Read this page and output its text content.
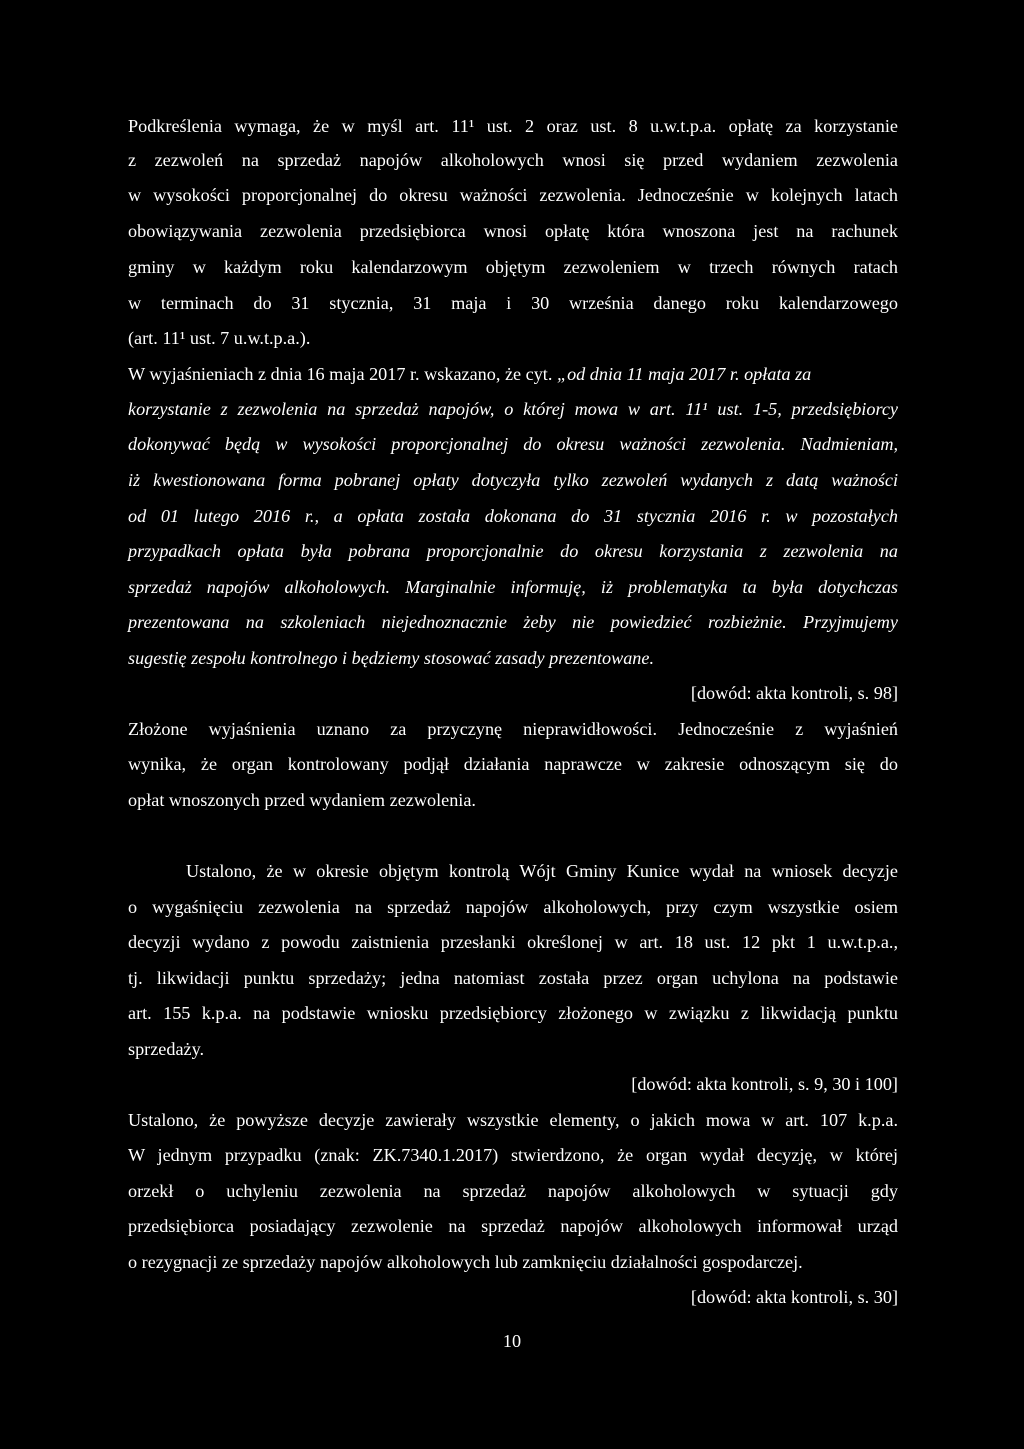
Podkreślenia wymaga, że w myśl art. 11¹ ust. 2 oraz ust. 8 u.w.t.p.a. opłatę za korzystanie
z zezwoleń na sprzedaż napojów alkoholowych wnosi się przed wydaniem zezwolenia
w wysokości proporcjonalnej do okresu ważności zezwolenia. Jednocześnie w kolejnych latach
obowiązywania zezwolenia przedsiębiorca wnosi opłatę która wnoszona jest na rachunek
gminy w każdym roku kalendarzowym objętym zezwoleniem w trzech równych ratach
w terminach do 31 stycznia, 31 maja i 30 września danego roku kalendarzowego
(art. 11¹ ust. 7 u.w.t.p.a.).
W wyjaśnieniach z dnia 16 maja 2017 r. wskazano, że cyt. „od dnia 11 maja 2017 r. opłata za
korzystanie z zezwolenia na sprzedaż napojów, o której mowa w art. 11¹ ust. 1-5, przedsiębiorcy
dokonywać będą w wysokości proporcjonalnej do okresu ważności zezwolenia. Nadmieniam,
iż kwestionowana forma pobranej opłaty dotyczyła tylko zezwoleń wydanych z datą ważności
od 01 lutego 2016 r., a opłata została dokonana do 31 stycznia 2016 r. w pozostałych
przypadkach opłata była pobrana proporcjonalnie do okresu korzystania z zezwolenia na
sprzedaż napojów alkoholowych. Marginalnie informuję, iż problematyka ta była dotychczas
prezentowana na szkoleniach niejednoznacznie żeby nie powiedzieć rozbieżnie. Przyjmujemy
sugestię zespołu kontrolnego i będziemy stosować zasady prezentowane.
[dowód: akta kontroli, s. 98]
Złożone wyjaśnienia uznano za przyczynę nieprawidłowości. Jednocześnie z wyjaśnień
wynika, że organ kontrolowany podjął działania naprawcze w zakresie odnoszącym się do
opłat wnoszonych przed wydaniem zezwolenia.
Ustalono, że w okresie objętym kontrolą Wójt Gminy Kunice wydał na wniosek decyzje
o wygaśnięciu zezwolenia na sprzedaż napojów alkoholowych, przy czym wszystkie osiem
decyzji wydano z powodu zaistnienia przesłanki określonej w art. 18 ust. 12 pkt 1 u.w.t.p.a.,
tj. likwidacji punktu sprzedaży; jedna natomiast została przez organ uchylona na podstawie
art. 155 k.p.a. na podstawie wniosku przedsiębiorcy złożonego w związku z likwidacją punktu
sprzedaży.
[dowód: akta kontroli, s. 9, 30 i 100]
Ustalono, że powyższe decyzje zawierały wszystkie elementy, o jakich mowa w art. 107 k.p.a.
W jednym przypadku (znak: ZK.7340.1.2017) stwierdzono, że organ wydał decyzję, w której
orzekł o uchyleniu zezwolenia na sprzedaż napojów alkoholowych w sytuacji gdy
przedsiębiorca posiadający zezwolenie na sprzedaż napojów alkoholowych informował urząd
o rezygnacji ze sprzedaży napojów alkoholowych lub zamknięciu działalności gospodarczej.
[dowód: akta kontroli, s. 30]
10
